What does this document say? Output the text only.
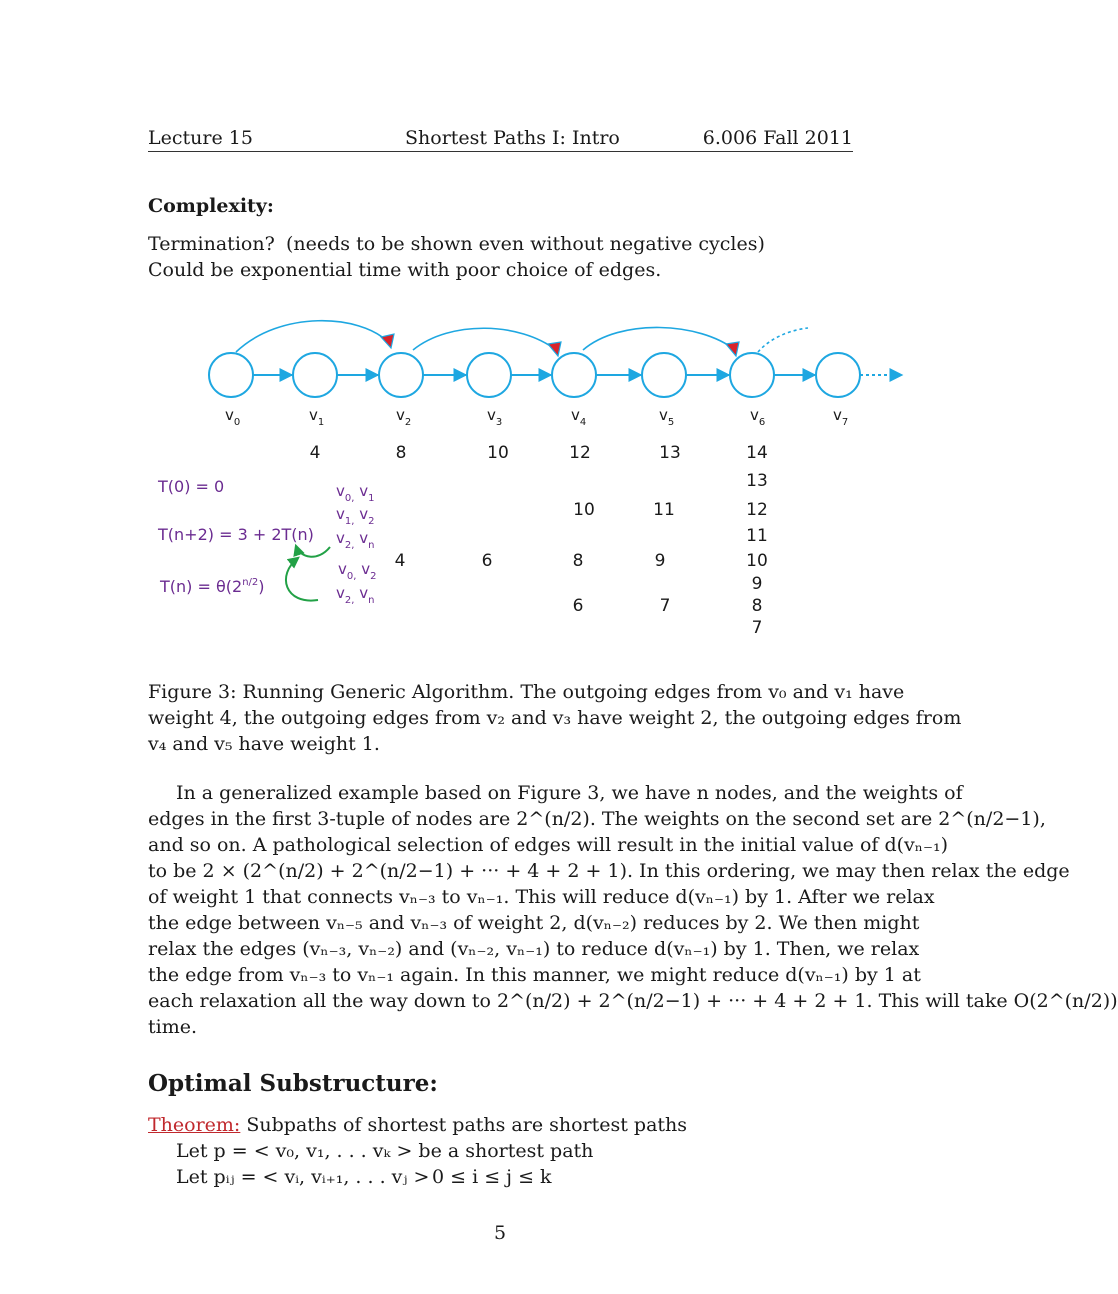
Lecture 15	Shortest Paths I: Intro	6.006 Fall 2011
Complexity:
Termination? (needs to be shown even without negative cycles)
Could be exponential time with poor choice of edges.
$v_0$	$v_1$	$v_2$	$v_3$	$v_4$	$v_5$	$v_6$	$v_7$
4	8	10	12	13	14
13
10	11	12
11
4	6	8	9	10
9
6	7	8
7
T(0) = 0
T(n+2) = 3 + 2T(n)
$T(n) = \theta(2^{n/2})$
$v_{0,}$ $v_1$
$v_{1,}$ $v_2$
$v_{2,}$ $v_n$
$v_{0,}$ $v_2$
$v_{2,}$ $v_n$
Figure 3: Running Generic Algorithm. The outgoing edges from v₀ and v₁ have
weight 4, the outgoing edges from v₂ and v₃ have weight 2, the outgoing edges from
v₄ and v₅ have weight 1.
In a generalized example based on Figure 3, we have n nodes, and the weights of
edges in the first 3-tuple of nodes are 2^(n/2). The weights on the second set are 2^(n/2−1),
and so on. A pathological selection of edges will result in the initial value of d(vₙ₋₁)
to be 2 × (2^(n/2) + 2^(n/2−1) + ··· + 4 + 2 + 1). In this ordering, we may then relax the edge
of weight 1 that connects vₙ₋₃ to vₙ₋₁. This will reduce d(vₙ₋₁) by 1. After we relax
the edge between vₙ₋₅ and vₙ₋₃ of weight 2, d(vₙ₋₂) reduces by 2. We then might
relax the edges (vₙ₋₃, vₙ₋₂) and (vₙ₋₂, vₙ₋₁) to reduce d(vₙ₋₁) by 1. Then, we relax
the edge from vₙ₋₃ to vₙ₋₁ again. In this manner, we might reduce d(vₙ₋₁) by 1 at
each relaxation all the way down to 2^(n/2) + 2^(n/2−1) + ··· + 4 + 2 + 1. This will take O(2^(n/2))
time.
Optimal Substructure:
Theorem: Subpaths of shortest paths are shortest paths
Let p = < v₀, v₁, . . . vₖ > be a shortest path
Let pᵢⱼ = < vᵢ, vᵢ₊₁, . . . vⱼ > 0 ≤ i ≤ j ≤ k
5
